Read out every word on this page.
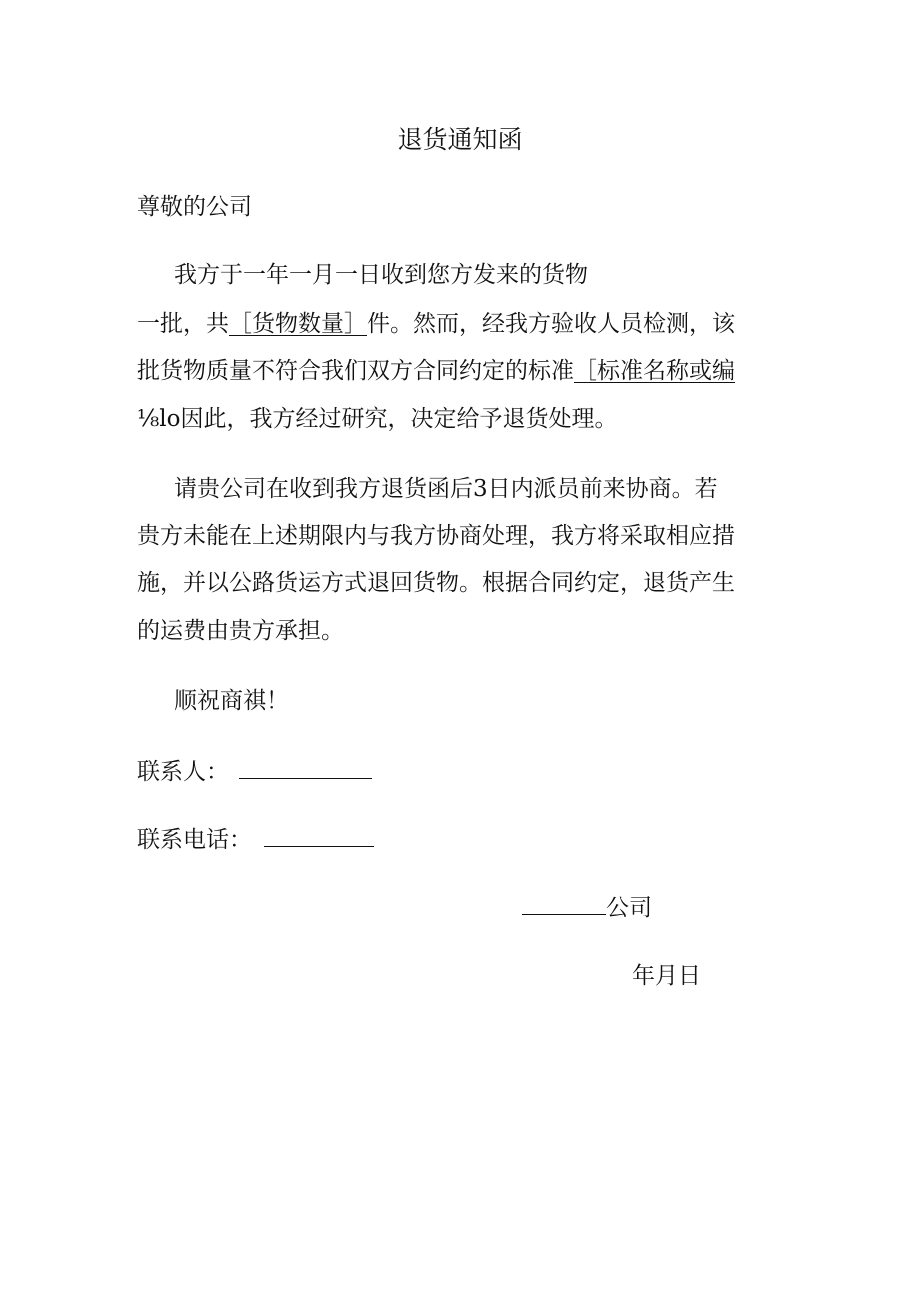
退货通知函
尊敬的公司
我方于一年一月一日收到您方发来的货物
一批，共［货物数量］件。然而，经我方验收人员检测，该
批货物质量不符合我们双方合同约定的标准［标准名称或编
⅛lo因此，我方经过研究，决定给予退货处理。
请贵公司在收到我方退货函后3日内派员前来协商。若
贵方未能在上述期限内与我方协商处理，我方将采取相应措
施，并以公路货运方式退回货物。根据合同约定，退货产生
的运费由贵方承担。
顺祝商祺！
联系人：
联系电话：
公司
年月日
